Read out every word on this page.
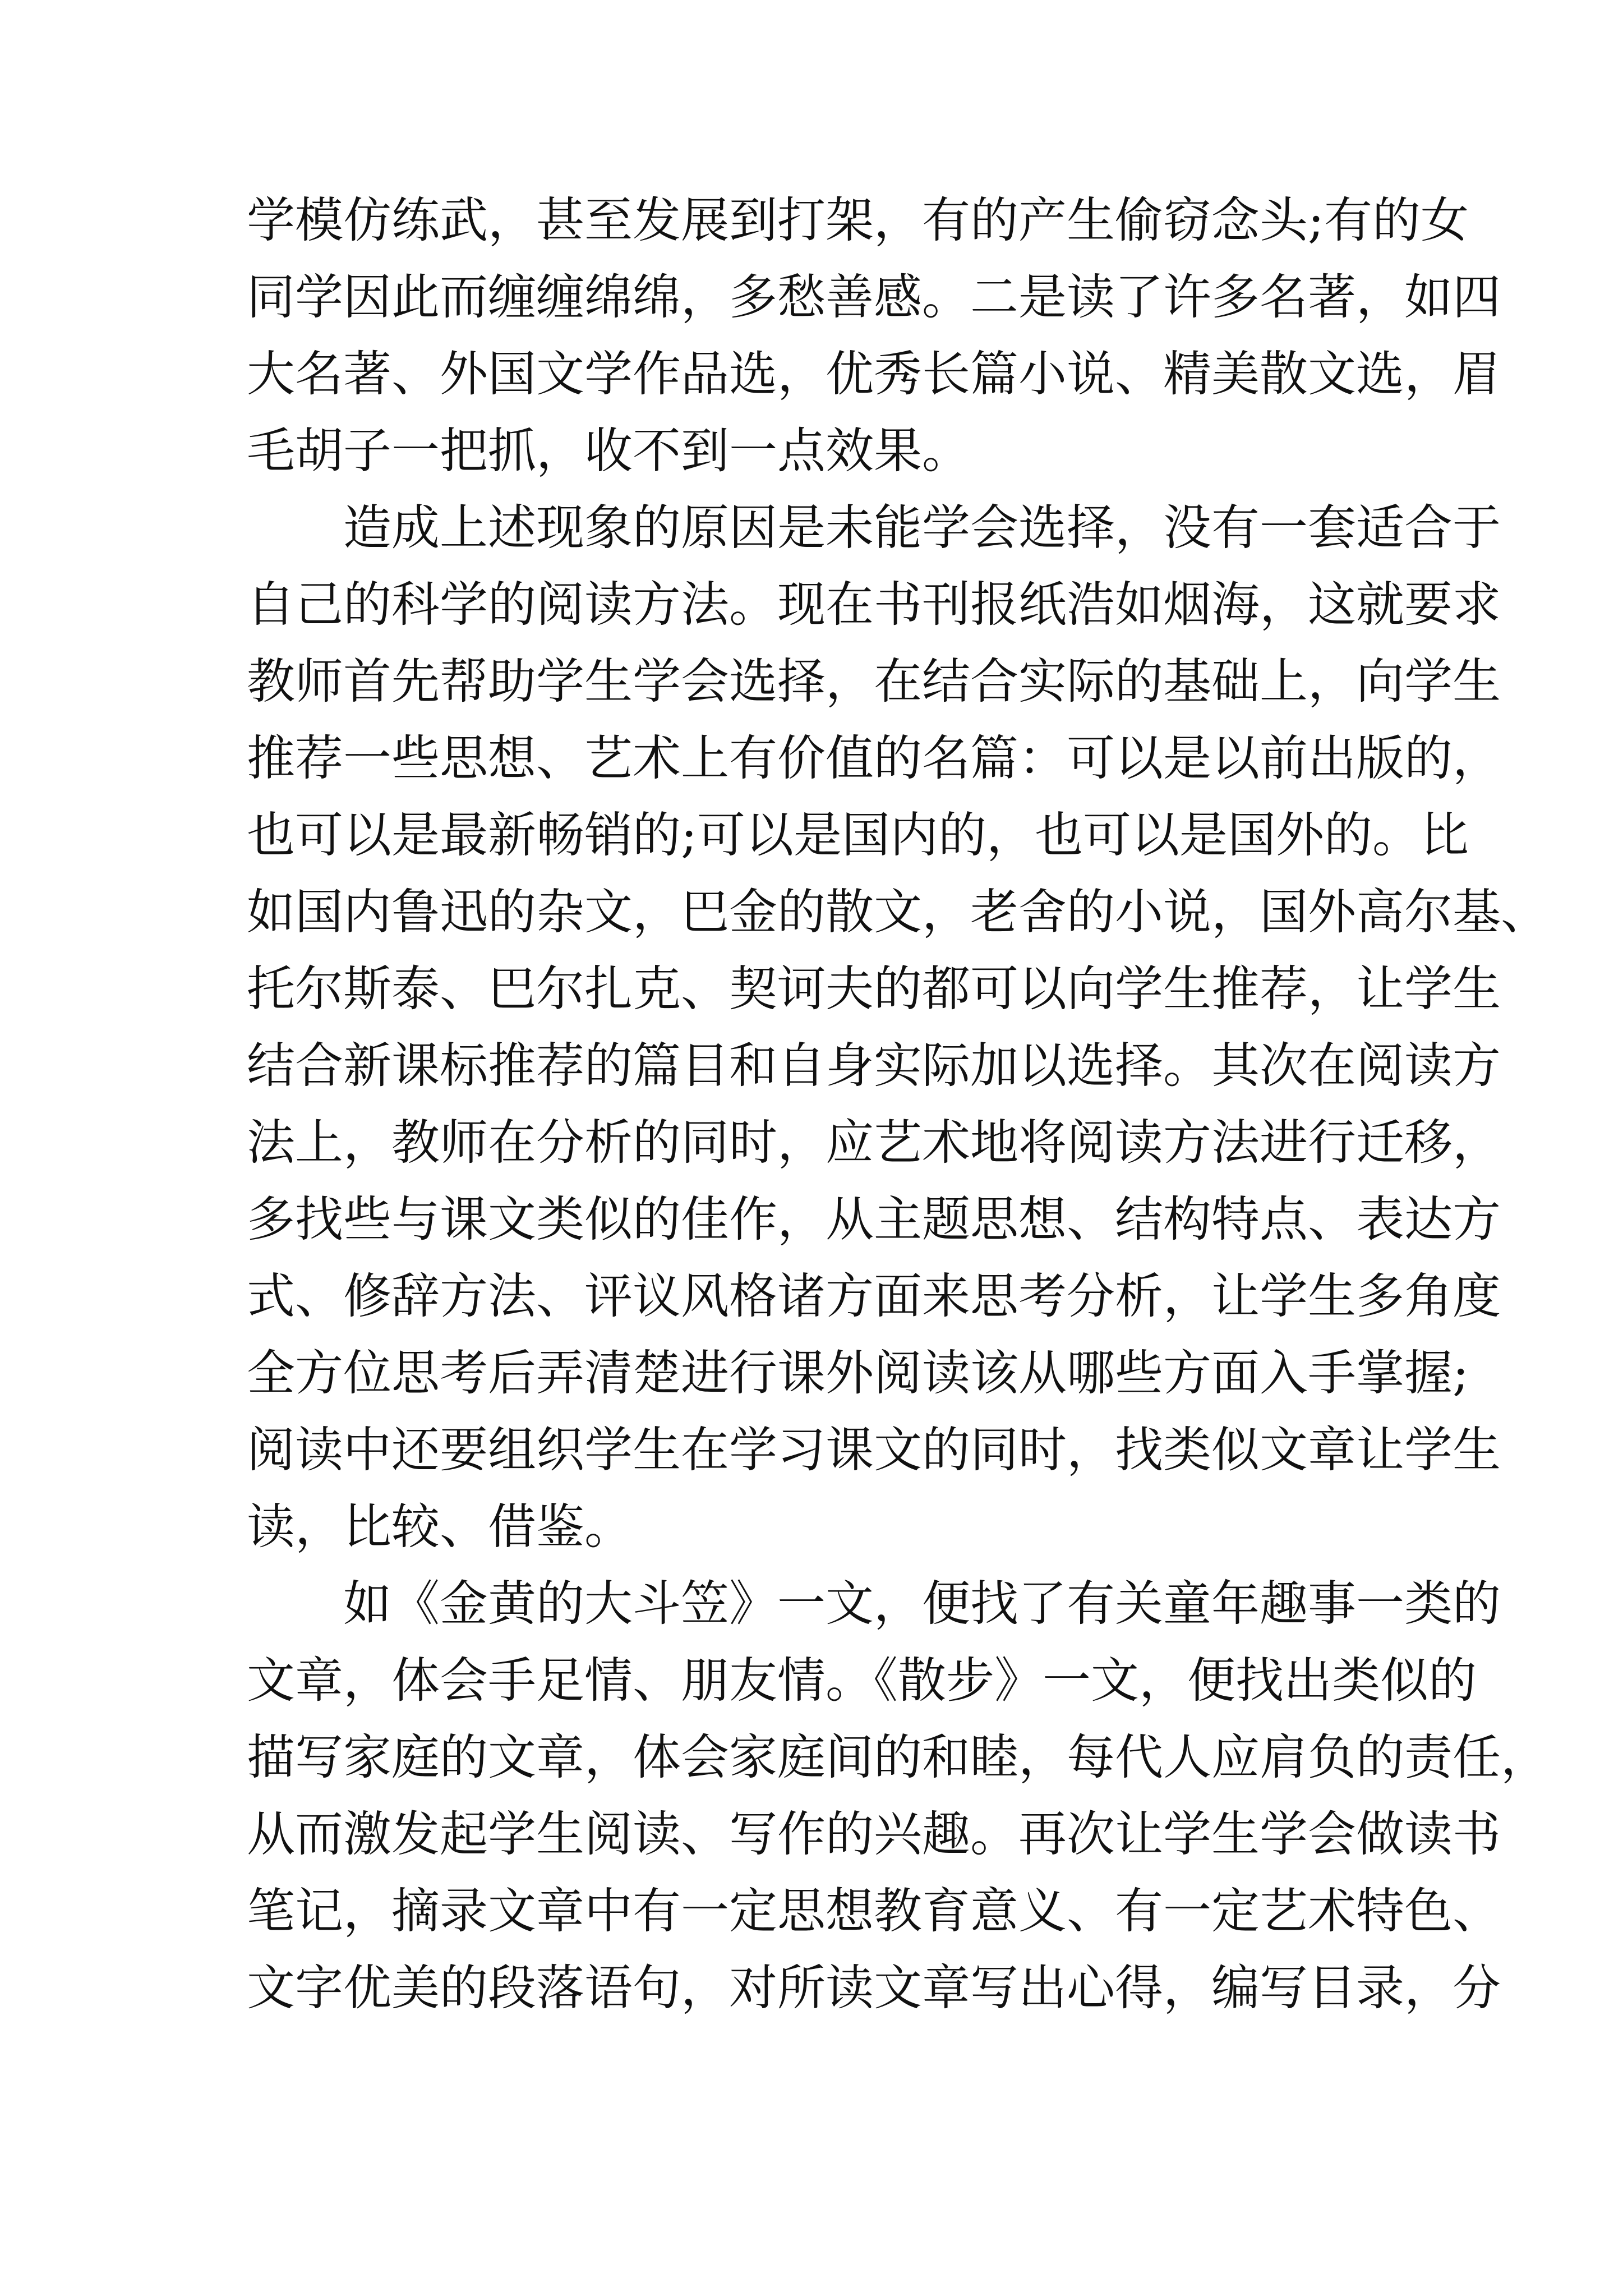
学模仿练武，甚至发展到打架，有的产生偷窃念头;有的女
同学因此而缠缠绵绵，多愁善感。二是读了许多名著，如四
大名著、外国文学作品选，优秀长篇小说、精美散文选，眉
毛胡子一把抓，收不到一点效果。
造成上述现象的原因是未能学会选择，没有一套适合于
自己的科学的阅读方法。现在书刊报纸浩如烟海，这就要求
教师首先帮助学生学会选择，在结合实际的基础上，向学生
推荐一些思想、艺术上有价值的名篇：可以是以前出版的，
也可以是最新畅销的;可以是国内的，也可以是国外的。比
如国内鲁迅的杂文，巴金的散文，老舍的小说，国外高尔基、
托尔斯泰、巴尔扎克、契诃夫的都可以向学生推荐，让学生
结合新课标推荐的篇目和自身实际加以选择。其次在阅读方
法上，教师在分析的同时，应艺术地将阅读方法进行迁移，
多找些与课文类似的佳作，从主题思想、结构特点、表达方
式、修辞方法、评议风格诸方面来思考分析，让学生多角度
全方位思考后弄清楚进行课外阅读该从哪些方面入手掌握;
阅读中还要组织学生在学习课文的同时，找类似文章让学生
读，比较、借鉴。
如《金黄的大斗笠》一文，便找了有关童年趣事一类的
文章，体会手足情、朋友情。《散步》一文，便找出类似的
描写家庭的文章，体会家庭间的和睦，每代人应肩负的责任，
从而激发起学生阅读、写作的兴趣。再次让学生学会做读书
笔记，摘录文章中有一定思想教育意义、有一定艺术特色、
文字优美的段落语句，对所读文章写出心得，编写目录，分
